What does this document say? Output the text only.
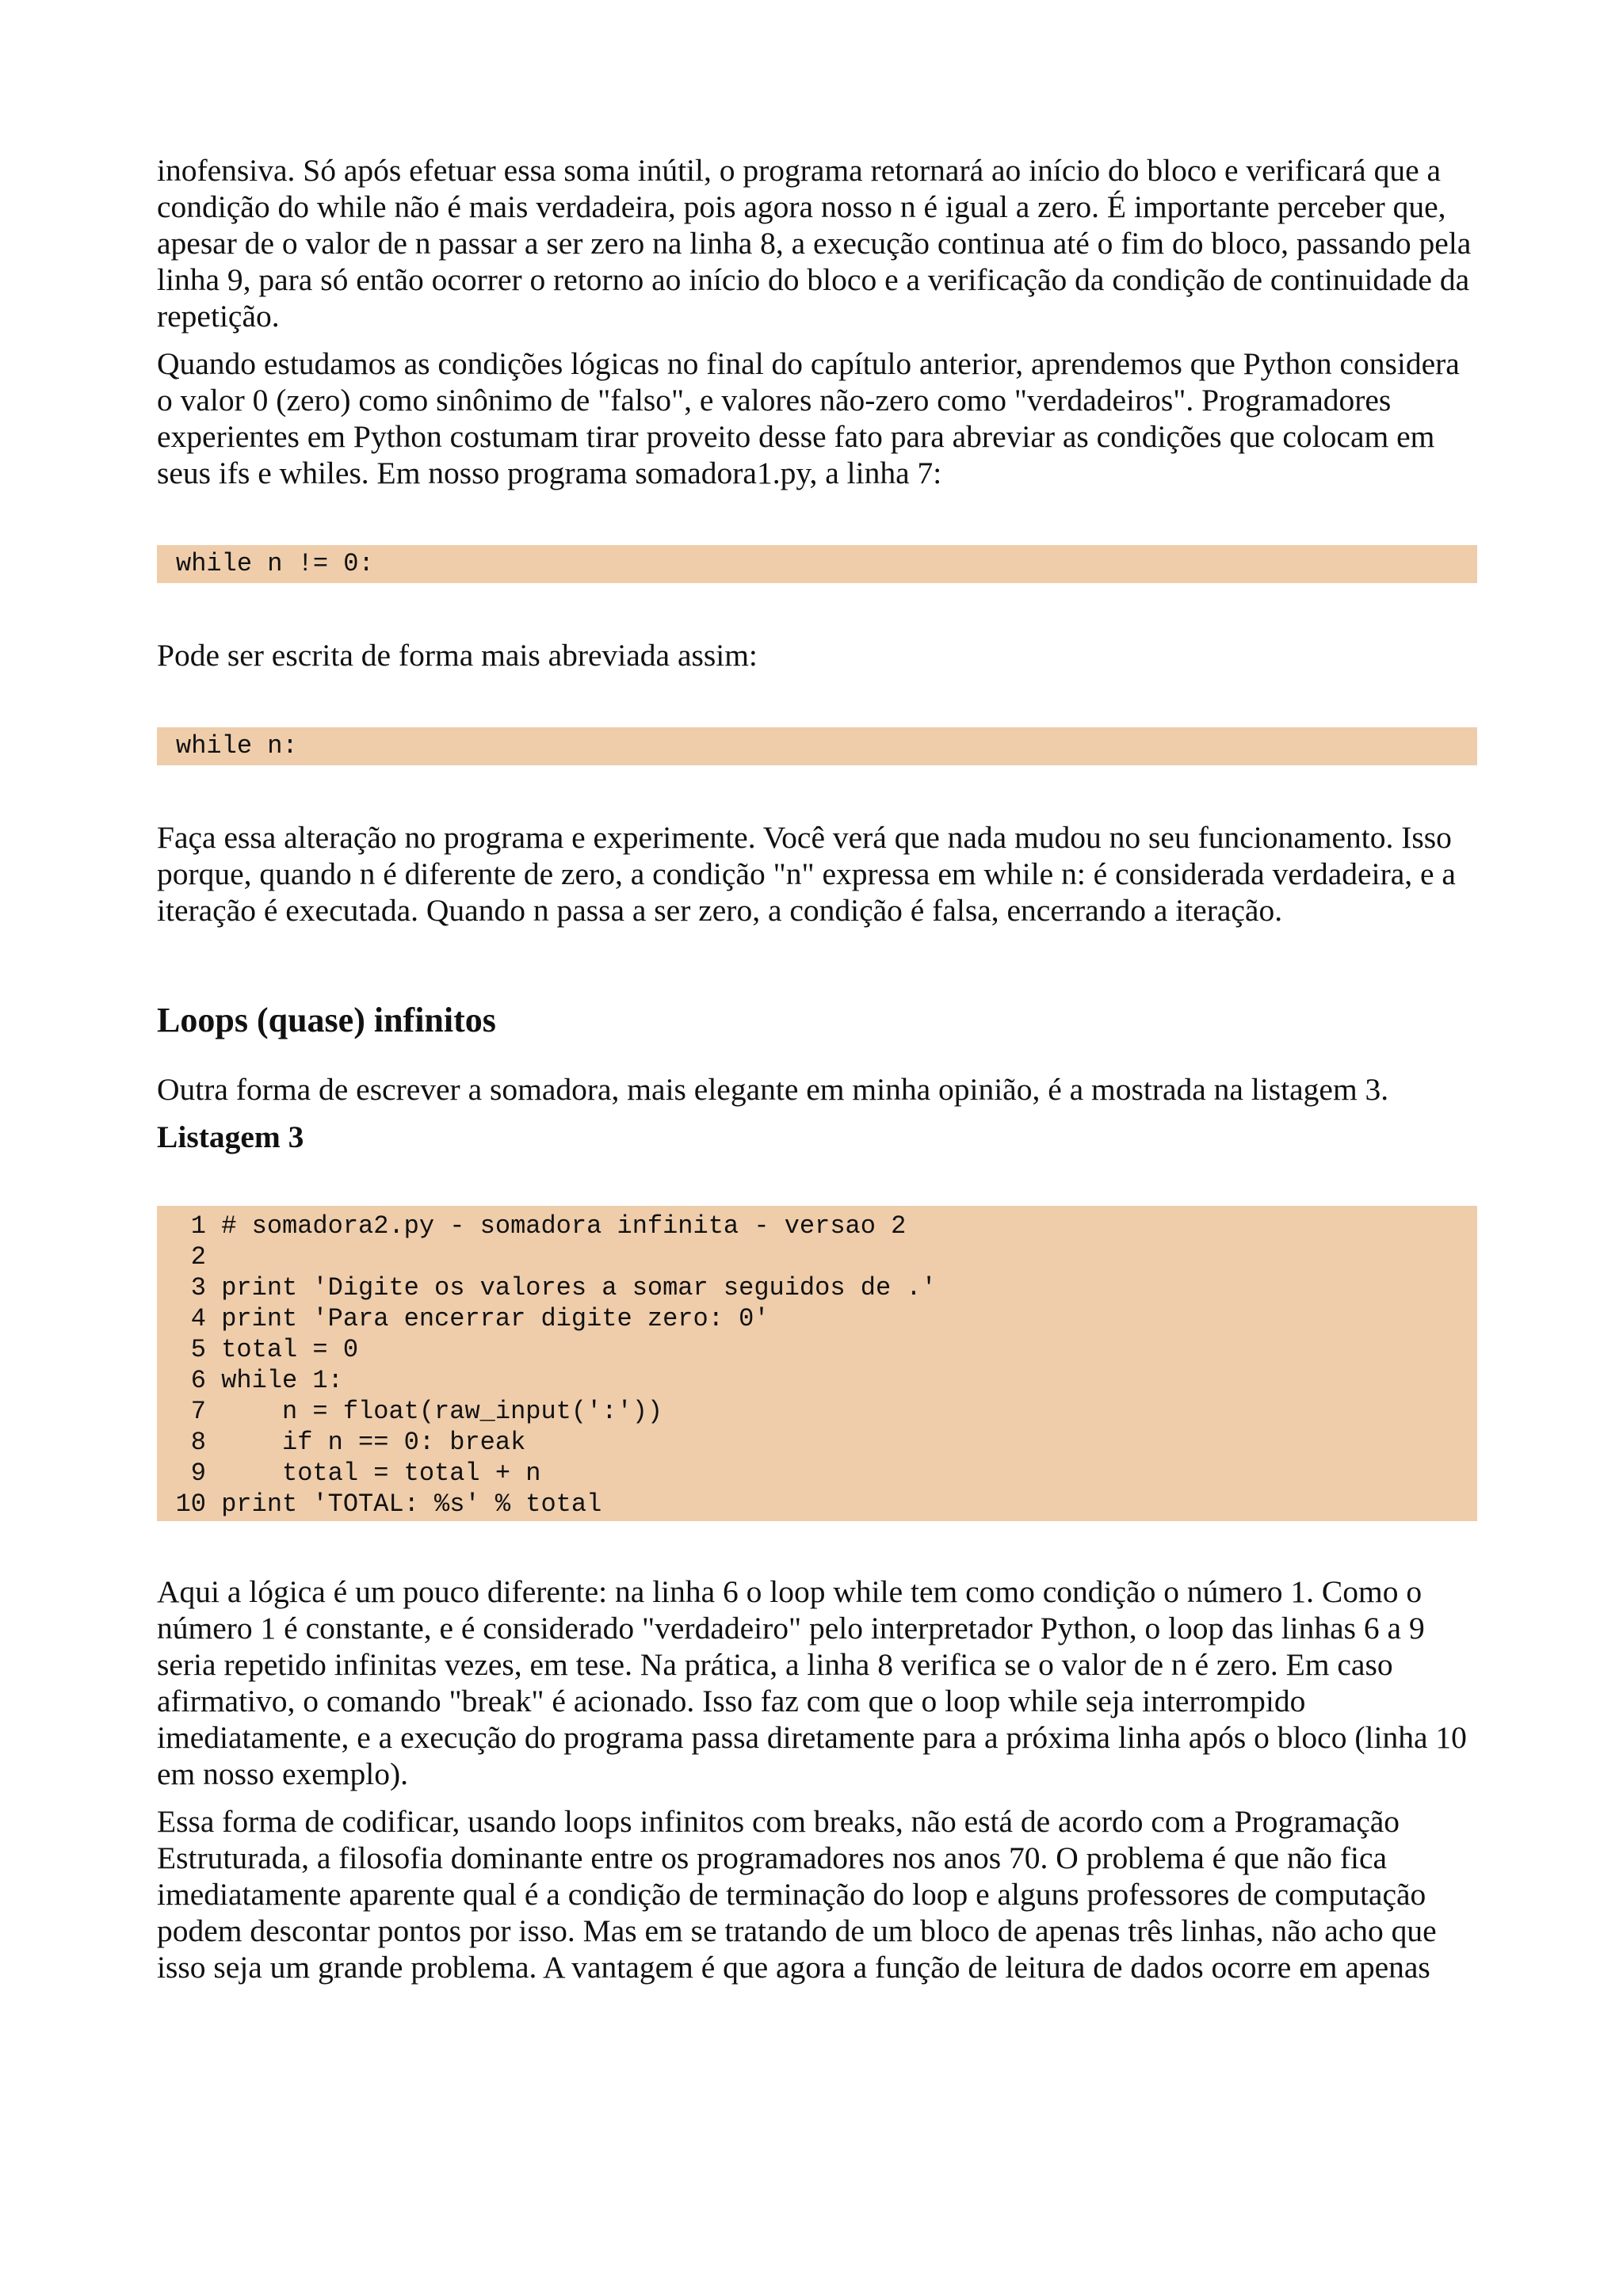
inofensiva. Só após efetuar essa soma inútil, o programa retornará ao início do bloco e verificará que a condição do while não é mais verdadeira, pois agora nosso n é igual a zero. É importante perceber que, apesar de o valor de n passar a ser zero na linha 8, a execução continua até o fim do bloco, passando pela linha 9, para só então ocorrer o retorno ao início do bloco e a verificação da condição de continuidade da repetição.

Quando estudamos as condições lógicas no final do capítulo anterior, aprendemos que Python considera o valor 0 (zero) como sinônimo de "falso", e valores não-zero como "verdadeiros". Programadores experientes em Python costumam tirar proveito desse fato para abreviar as condições que colocam em seus ifs e whiles. Em nosso programa somadora1.py, a linha 7:

while n != 0:

Pode ser escrita de forma mais abreviada assim:

while n:

Faça essa alteração no programa e experimente. Você verá que nada mudou no seu funcionamento. Isso porque, quando n é diferente de zero, a condição "n" expressa em while n: é considerada verdadeira, e a iteração é executada. Quando n passa a ser zero, a condição é falsa, encerrando a iteração.

Loops (quase) infinitos

Outra forma de escrever a somadora, mais elegante em minha opinião, é a mostrada na listagem 3.

Listagem 3

1 # somadora2.py - somadora infinita - versao 2
2
3 print 'Digite os valores a somar seguidos de .'
4 print 'Para encerrar digite zero: 0'
5 total = 0
6 while 1:
7     n = float(raw_input(':'))
8     if n == 0: break
9     total = total + n
10 print 'TOTAL: %s' % total

Aqui a lógica é um pouco diferente: na linha 6 o loop while tem como condição o número 1. Como o número 1 é constante, e é considerado "verdadeiro" pelo interpretador Python, o loop das linhas 6 a 9 seria repetido infinitas vezes, em tese. Na prática, a linha 8 verifica se o valor de n é zero. Em caso afirmativo, o comando "break" é acionado. Isso faz com que o loop while seja interrompido imediatamente, e a execução do programa passa diretamente para a próxima linha após o bloco (linha 10 em nosso exemplo).

Essa forma de codificar, usando loops infinitos com breaks, não está de acordo com a Programação Estruturada, a filosofia dominante entre os programadores nos anos 70. O problema é que não fica imediatamente aparente qual é a condição de terminação do loop e alguns professores de computação podem descontar pontos por isso. Mas em se tratando de um bloco de apenas três linhas, não acho que isso seja um grande problema. A vantagem é que agora a função de leitura de dados ocorre em apenas
